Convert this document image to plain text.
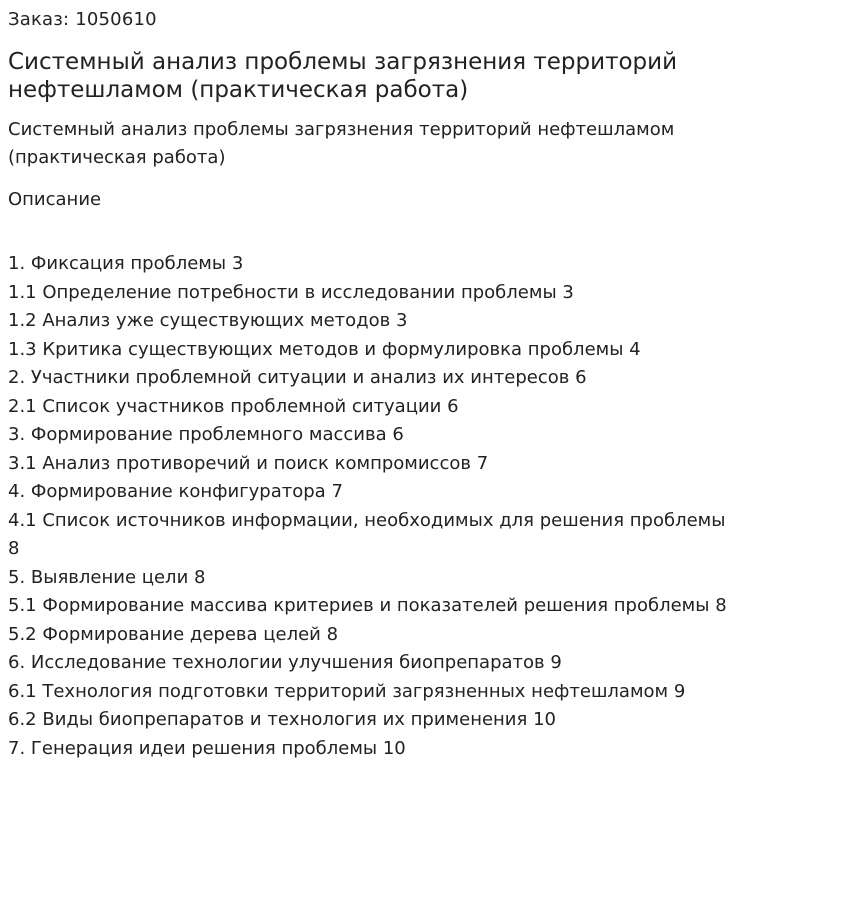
Заказ: 1050610
Системный анализ проблемы загрязнения территорий нефтешламом (практическая работа)
Системный анализ проблемы загрязнения территорий нефтешламом (практическая работа)
Описание
1. Фиксация проблемы 3
1.1 Определение потребности в исследовании проблемы 3
1.2 Анализ уже существующих методов 3
1.3 Критика существующих методов и формулировка проблемы 4
2. Участники проблемной ситуации и анализ их интересов 6
2.1 Список участников проблемной ситуации 6
3. Формирование проблемного массива 6
3.1 Анализ противоречий и поиск компромиссов 7
4. Формирование конфигуратора 7
4.1 Список источников информации, необходимых для решения проблемы
8
5. Выявление цели 8
5.1 Формирование массива критериев и показателей решения проблемы 8
5.2 Формирование дерева целей 8
6. Исследование технологии улучшения биопрепаратов 9
6.1 Технология подготовки территорий загрязненных нефтешламом 9
6.2 Виды биопрепаратов и технология их применения 10
7. Генерация идеи решения проблемы 10
